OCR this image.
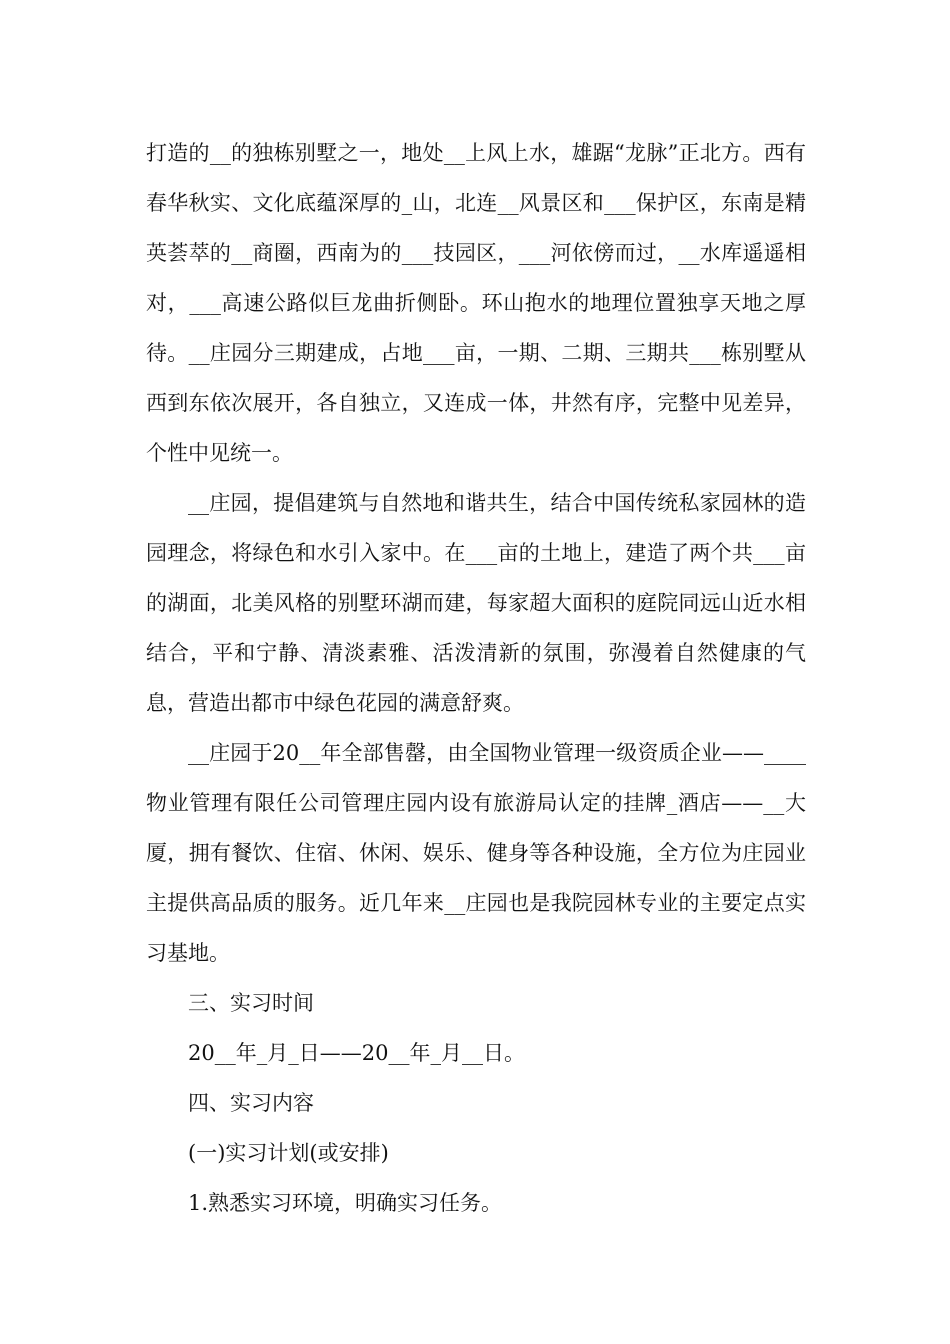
打造的__的独栋别墅之一，地处__上风上水，雄踞“龙脉”正北方。西有春华秋实、文化底蕴深厚的_山，北连__风景区和___保护区，东南是精英荟萃的__商圈，西南为的___技园区，___河依傍而过，__水库遥遥相对，___高速公路似巨龙曲折侧卧。环山抱水的地理位置独享天地之厚待。__庄园分三期建成，占地___亩，一期、二期、三期共___栋别墅从西到东依次展开，各自独立，又连成一体，井然有序，完整中见差异，个性中见统一。

__庄园，提倡建筑与自然地和谐共生，结合中国传统私家园林的造园理念，将绿色和水引入家中。在___亩的土地上，建造了两个共___亩的湖面，北美风格的别墅环湖而建，每家超大面积的庭院同远山近水相结合，平和宁静、清淡素雅、活泼清新的氛围，弥漫着自然健康的气息，营造出都市中绿色花园的满意舒爽。

__庄园于20__年全部售罄，由全国物业管理一级资质企业——____物业管理有限任公司管理庄园内设有旅游局认定的挂牌_酒店——__大厦，拥有餐饮、住宿、休闲、娱乐、健身等各种设施，全方位为庄园业主提供高品质的服务。近几年来__庄园也是我院园林专业的主要定点实习基地。

三、实习时间

20__年_月_日——20__年_月__日。

四、实习内容

(一)实习计划(或安排)

1.熟悉实习环境，明确实习任务。
